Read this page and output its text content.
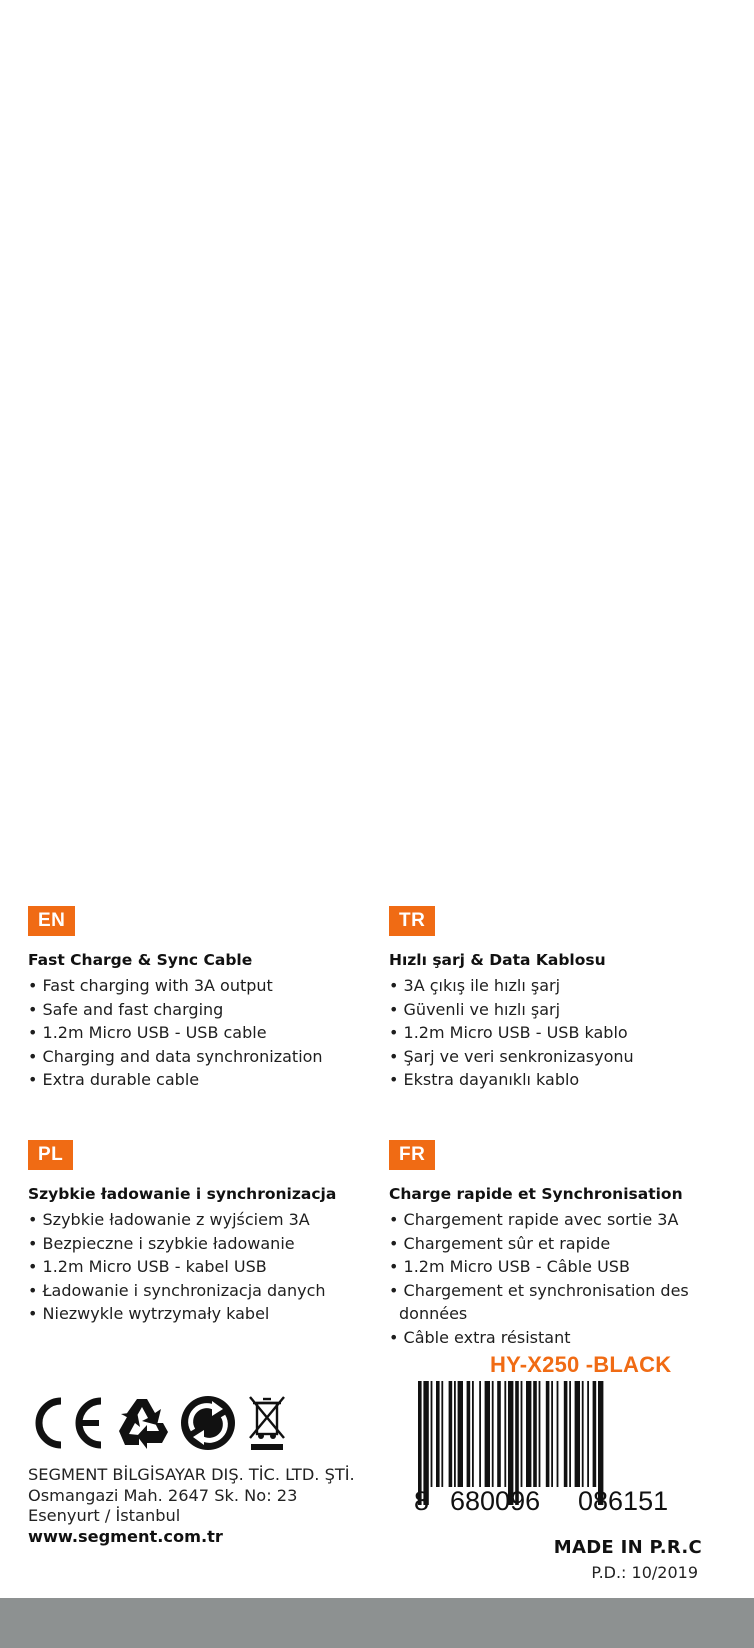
EN
Fast Charge & Sync Cable
• Fast charging with 3A output
• Safe and fast charging
• 1.2m Micro USB - USB cable
• Charging and data synchronization
• Extra durable cable
TR
Hızlı şarj & Data Kablosu
• 3A çıkış ile hızlı şarj
• Güvenli ve hızlı şarj
• 1.2m Micro USB - USB kablo
• Şarj ve veri senkronizasyonu
• Ekstra dayanıklı kablo
PL
Szybkie ładowanie i synchronizacja
• Szybkie ładowanie z wyjściem 3A
• Bezpieczne i szybkie ładowanie
• 1.2m Micro USB - kabel USB
• Ładowanie i synchronizacja danych
• Niezwykle wytrzymały kabel
FR
Charge rapide et Synchronisation
• Chargement rapide avec sortie 3A
• Chargement sûr et rapide
• 1.2m Micro USB - Câble USB
• Chargement et synchronisation des données
• Câble extra résistant
SEGMENT BİLGİSAYAR DIŞ. TİC. LTD. ŞTİ.
Osmangazi Mah. 2647 Sk. No: 23
Esenyurt / İstanbul
www.segment.com.tr
HY-X250 -BLACK
8 680096 086151
MADE IN P.R.C
P.D.: 10/2019
